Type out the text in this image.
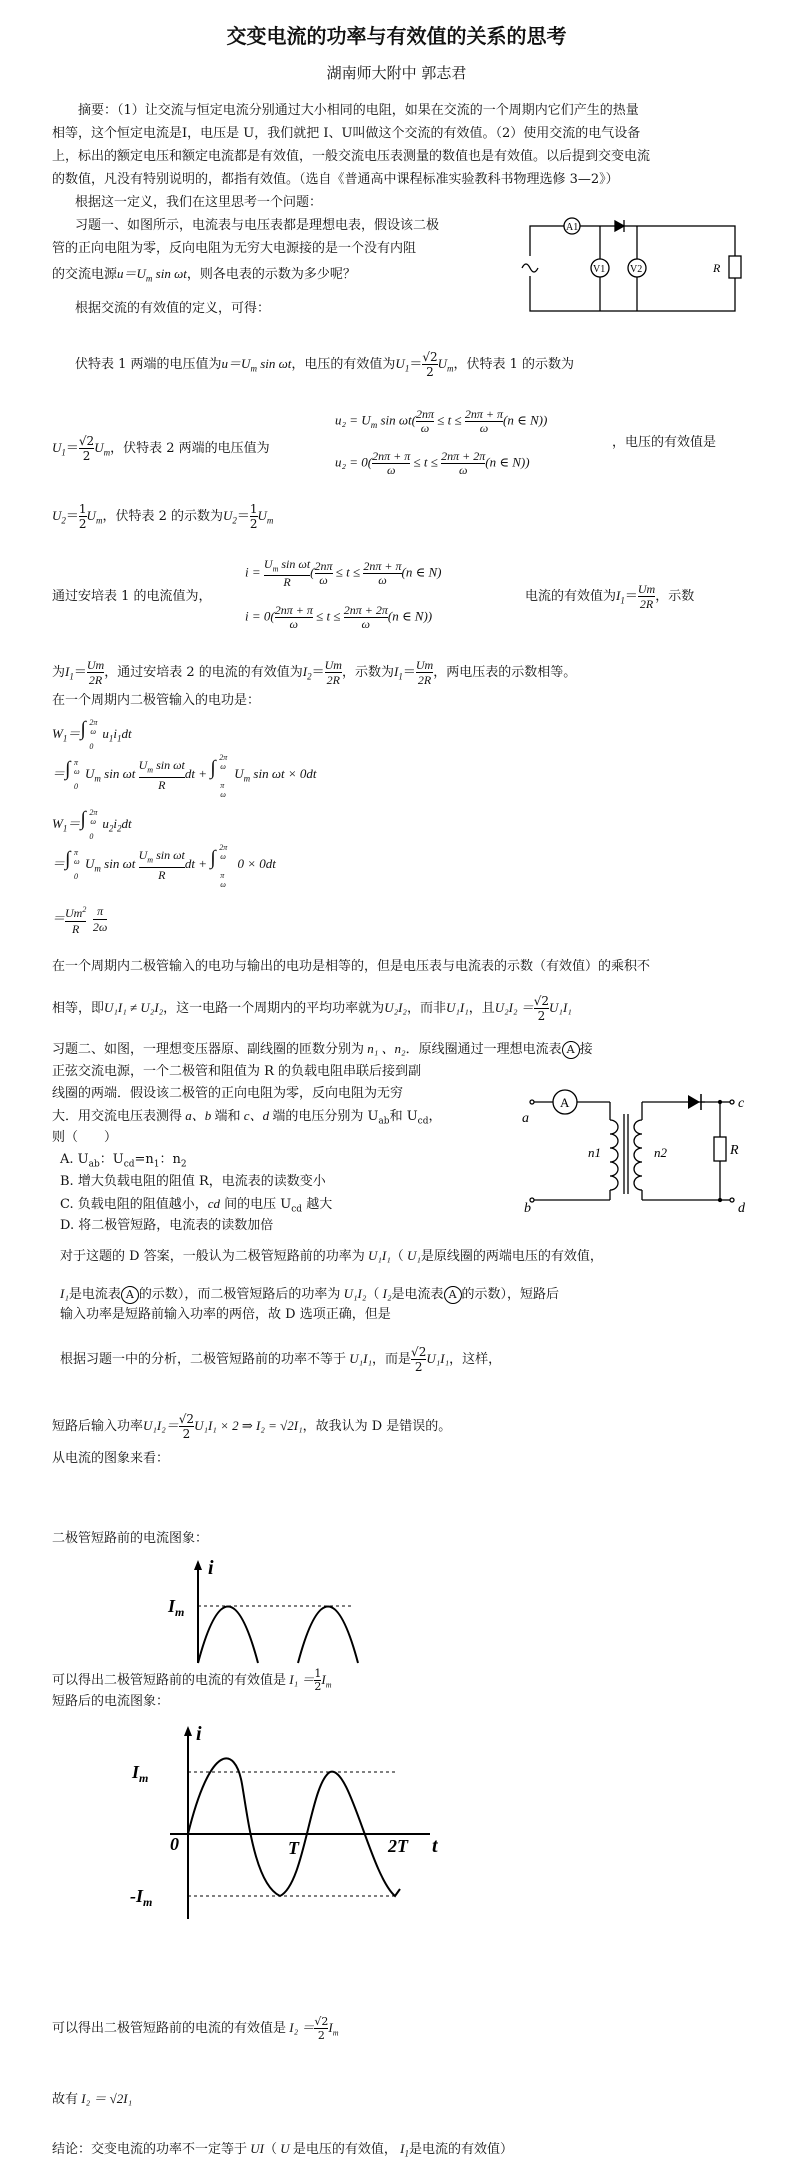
交变电流的功率与有效值的关系的思考
湖南师大附中 郭志君
摘要：（1）让交流与恒定电流分别通过大小相同的电阻，如果在交流的一个周期内它们产生的热量
相等，这个恒定电流是I，电压是 U，我们就把 I、U叫做这个交流的有效值。（2）使用交流的电气设备
上，标出的额定电压和额定电流都是有效值，一般交流电压表测量的数值也是有效值。以后提到交变电流
的数值，凡没有特别说明的，都指有效值。（选自《普通高中课程标准实验教科书物理选修 3—2》）
根据这一定义，我们在这里思考一个问题：
习题一、如图所示，电流表与电压表都是理想电表，假设该二极
管的正向电阻为零，反向电阻为无穷大电源接的是一个没有内阻
的交流电源$u=U_m$ sin ωt，则各电表的示数为多少呢？
根据交流的有效值的定义，可得：
A1
V1 V2	R
伏特表 1 两端的电压值为$u=U_m$ sin ωt，电压的有效值为$U_1= \frac{√2}{2} U_m$，伏特表 1 的示数为
$U_1= \frac{√2}{2} U_m$，伏特表 2 两端的电压值为
$u_2 = U_m$ $\sin \omega t( \frac{2n\pi}{\omega} \le t \le \frac{2n\pi + \pi}{\omega} (n$ ∈ N))
$u_2 = 0( \frac{2n\pi + \pi}{\omega} \le t \le \frac{2n\pi + 2\pi}{\omega} (n$ ∈ N))
，电压的有效值是
$U_2= \frac{1}{2} U_m$，伏特表 2 的示数为$U_2= \frac{1}{2} U_m$
通过安培表 1 的电流值为，
$i = \frac{U_m \sin \omega t}{R}$ ( $\frac{2n\pi}{\omega} \le t \le \frac{2n\pi + \pi}{\omega} (n$ ∈ N)
$i = 0( \frac{2n\pi + \pi}{\omega} \le t \le \frac{2n\pi + 2\pi}{\omega} (n$ ∈ N))
电流的有效值为$I_1= \frac{Um}{2R}$ ，示数
为$I_1= \frac{Um}{2R}$ ，通过安培表 2 的电流的有效值为$I_2= \frac{Um}{2R}$ ，示数为$I_1= \frac{Um}{2R}$ ，两电压表的示数相等。
在一个周期内二极管输入的电功是：
$W_1=$ ∫ 2π
ω
0
$u_1i_1dt$
＝ ∫ π
ω
0
$U_m$ sin ωt $\frac{U_m \sin \omega t}{R}$ dt + ∫ 2π
ω
π
ω
$U_m$ sin ωt × 0dt
$W_1=$ ∫ 2π
ω
0
$u_2i_2dt$
＝ ∫ π
ω
0
$U_m$ sin ωt $\frac{U_m \sin \omega t}{R}$ dt + ∫ 2π
ω
π
ω
0 × 0dt
＝ $\frac{Um^2}{R}$
$\frac{\pi}{2\omega}$
在一个周期内二极管输入的电功与输出的电功是相等的，但是电压表与电流表的示数（有效值）的乘积不
相等，即U₁I₁ ≠ U₂I₂，这一电路一个周期内的平均功率就为U₂I₂，而非U₁I₁，且$U_2I_2 = \frac{√2}{2} U_1I_1$
习题二、如图，一理想变压器原、副线圈的匝数分别为 n₁ 、n₂．原线圈通过一理想电流表 A 接
正弦交流电源，一个二极管和阻值为 R 的负载电阻串联后接到副
线圈的两端．假设该二极管的正向电阻为零，反向电阻为无穷
大．用交流电压表测得 a、b 端和 c、d 端的电压分别为 $U_{ab}$和 $U_{cd}$，
则（　　）
A. $U_{ab}$：$U_{cd}=n_1$：$n_2$
B. 增大负载电阻的阻值 R，电流表的读数变小
C. 负载电阻的阻值越小，cd 间的电压 $U_{cd}$ 越大
D. 将二极管短路，电流表的读数加倍
A
a
b
c
d
n1	n2	R
对于这题的 D 答案，一般认为二极管短路前的功率为 U₁I₁（ U₁是原线圈的两端电压的有效值，
I₁是电流表 A 的示数），而二极管短路后的功率为 U₁I₂（ I₂是电流表 A 的示数），短路后
输入功率是短路前输入功率的两倍，故 D 选项正确，但是
根据习题一中的分析，二极管短路前的功率不等于 U₁I₁，而是 $\frac{√2}{2} U_1I_1$，这样，
短路后输入功率$U_1I_2= \frac{√2}{2} U_1I_1 \times 2$ ⇒ I₂ = √2I₁，故我认为 D 是错误的。
从电流的图象来看：
二极管短路前的电流图象：
i
$I_m$
可以得出二极管短路前的电流的有效值是 $I_1 = \frac{1}{2} I_m$
短路后的电流图象：
i
$I_m$
$-I_m$
0	T	2T t
可以得出二极管短路前的电流的有效值是 $I_2 = \frac{√2}{2} I_m$
故有 I₂ ＝ √2I₁
结论：交变电流的功率不一定等于 UI（ U 是电压的有效值， $I_1$是电流的有效值）
